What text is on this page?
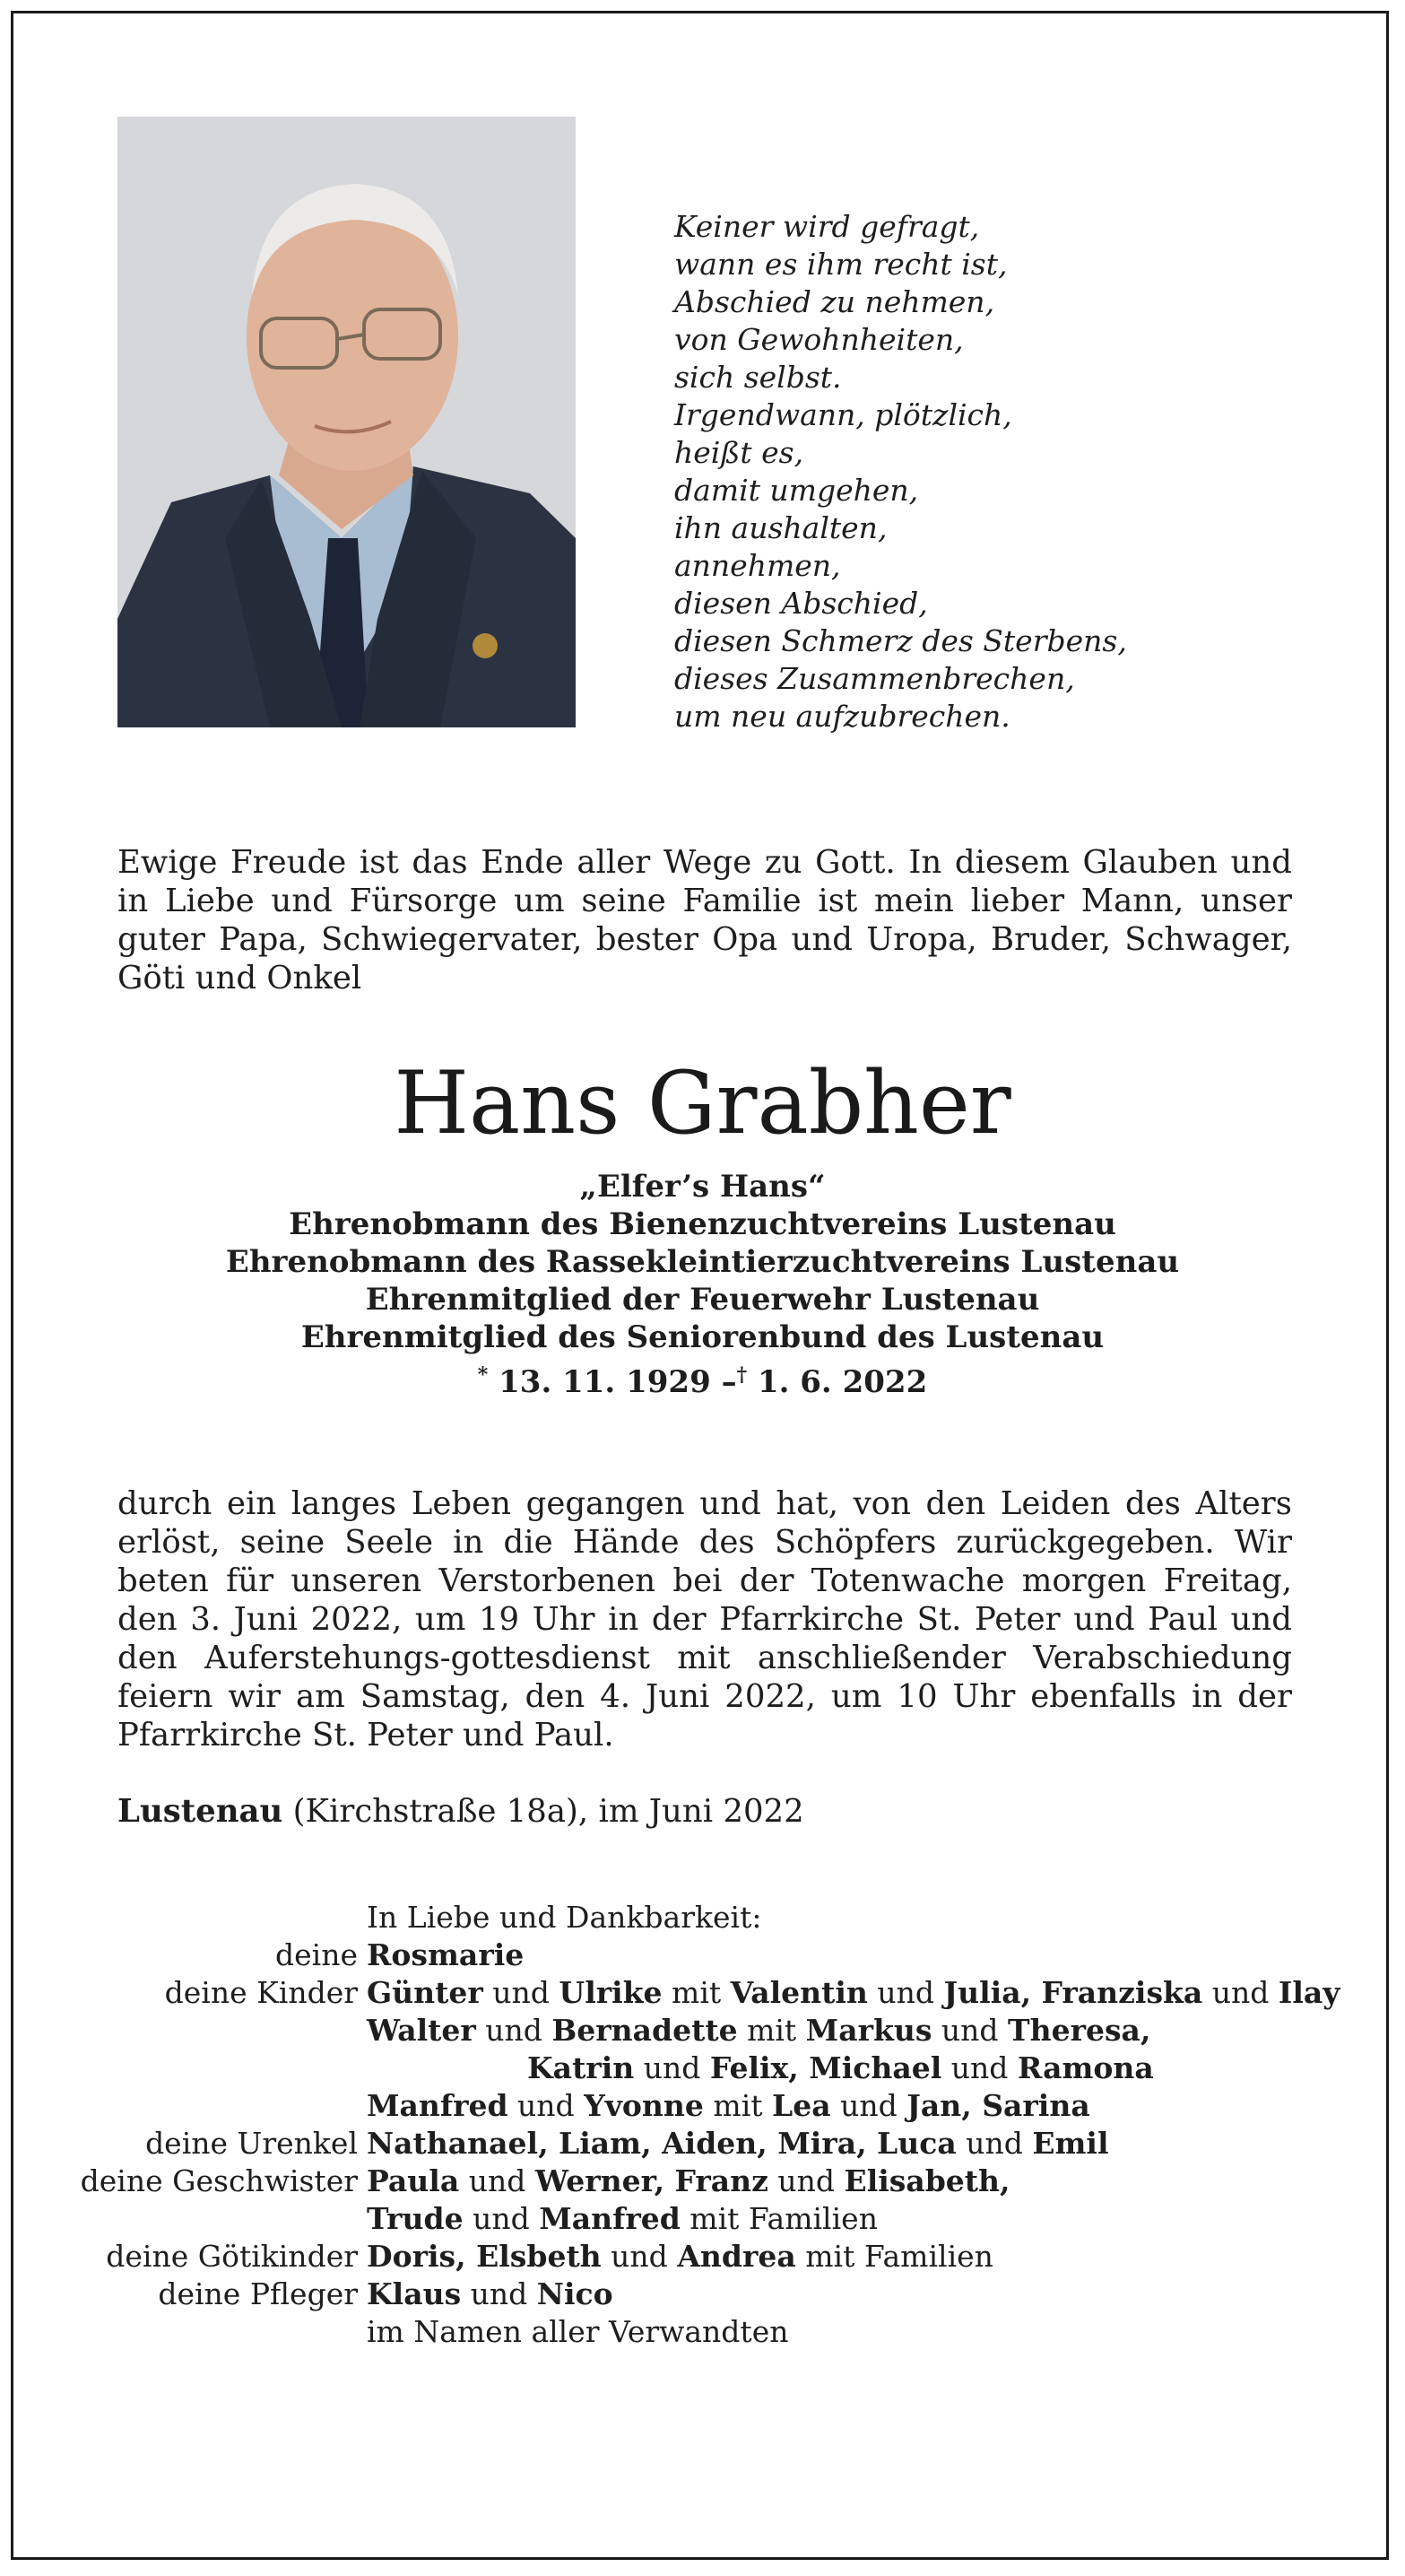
Keiner wird gefragt,
wann es ihm recht ist,
Abschied zu nehmen,
von Gewohnheiten,
sich selbst.
Irgendwann, plötzlich,
heißt es,
damit umgehen,
ihn aushalten,
annehmen,
diesen Abschied,
diesen Schmerz des Sterbens,
dieses Zusammenbrechen,
um neu aufzubrechen.
Ewige Freude ist das Ende aller Wege zu Gott. In diesem Glauben und in Liebe und Fürsorge um seine Familie ist mein lieber Mann, unser guter Papa, Schwiegervater, bester Opa und Uropa, Bruder, Schwager, Göti und Onkel
Hans Grabher
„Elfer’s Hans“
Ehrenobmann des Bienenzuchtvereins Lustenau
Ehrenobmann des Rassekleintierzuchtvereins Lustenau
Ehrenmitglied der Feuerwehr Lustenau
Ehrenmitglied des Seniorenbund des Lustenau
* 13. 11. 1929 –† 1. 6. 2022
durch ein langes Leben gegangen und hat, von den Leiden des Alters erlöst, seine Seele in die Hände des Schöpfers zurückgegeben. Wir beten für unseren Verstorbenen bei der Totenwache morgen Freitag, den 3. Juni 2022, um 19 Uhr in der Pfarrkirche St. Peter und Paul und den Auferstehungs-gottesdienst mit anschließender Verabschiedung feiern wir am Samstag, den 4. Juni 2022, um 10 Uhr ebenfalls in der Pfarrkirche St. Peter und Paul.
Lustenau (Kirchstraße 18a), im Juni 2022
In Liebe und Dankbarkeit:
deine Rosmarie
deine Kinder Günter und Ulrike mit Valentin und Julia, Franziska und Ilay
Walter und Bernadette mit Markus und Theresa,
Katrin und Felix, Michael und Ramona
Manfred und Yvonne mit Lea und Jan, Sarina
deine Urenkel Nathanael, Liam, Aiden, Mira, Luca und Emil
deine Geschwister Paula und Werner, Franz und Elisabeth,
Trude und Manfred mit Familien
deine Götikinder Doris, Elsbeth und Andrea mit Familien
deine Pfleger Klaus und Nico
im Namen aller Verwandten
